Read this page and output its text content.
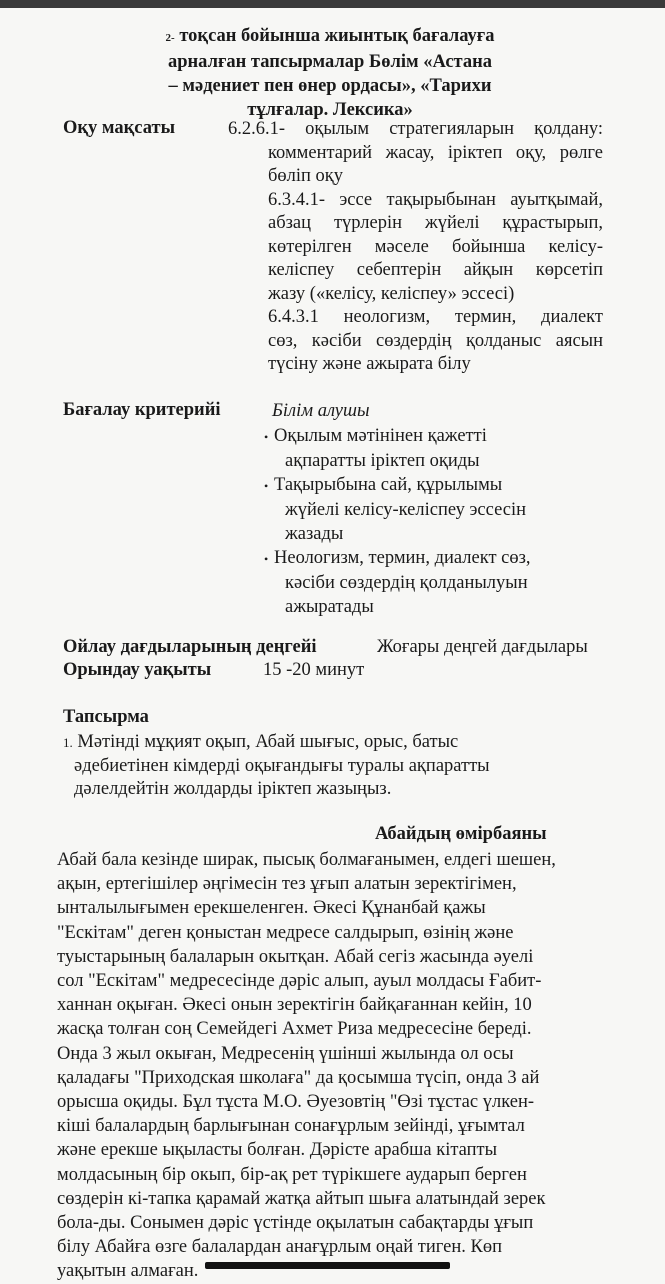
2- тоқсан бойынша жиынтық бағалауға
арналған тапсырмалар Бөлім «Астана
– мәдениет пен өнер ордасы», «Тарихи
тұлғалар. Лексика»
Оқу мақсаты	6.2.6.1- оқылым стратегияларын қолдану:
комментарий жасау, іріктеп оқу, рөлге
бөліп оқу
6.3.4.1- эссе тақырыбынан ауытқымай,
абзац түрлерін жүйелі құрастырып,
көтерілген мәселе бойынша келісу-
келіспеу себептерін айқын көрсетіп
жазу («келісу, келіспеу» эссесі)
6.4.3.1 неологизм, термин, диалект
сөз, кәсіби сөздердің қолданыс аясын
түсіну және ажырата білу
Бағалау критерийі	Білім алушы
• Оқылым мәтінінен қажетті
ақпаратты іріктеп оқиды
• Тақырыбына сай, құрылымы
жүйелі келісу-келіспеу эссесін
жазады
• Неологизм, термин, диалект сөз,
кәсіби сөздердің қолданылуын
ажыратады
Ойлау дағдыларының деңгейі	Жоғары деңгей дағдылары
Орындау уақыты	15 -20 минут
Тапсырма
1. Мәтінді мұқият оқып, Абай шығыс, орыс, батыс
әдебиетінен кімдерді оқығандығы туралы ақпаратты
дәлелдейтін жолдарды іріктеп жазыңыз.
Абайдың өмірбаяны
Абай бала кезінде ширак, пысық болмағанымен, елдегі шешен,
ақын, ертегішілер әңгімесін тез ұғып алатын зеректігімен,
ынталылығымен ерекшеленген. Әкесі Құнанбай қажы
"Ескітам" деген қоныстан медресе салдырып, өзінің және
туыстарының балаларын окытқан. Абай сегіз жасында әуелі
сол "Ескітам" медресесінде дәріс алып, ауыл молдасы Ғабит-
ханнан оқыған. Әкесі онын зеректігін байқағаннан кейін, 10
жасқа толған соң Семейдегі Ахмет Риза медресесіне береді.
Онда 3 жыл окыған, Медресенің үшінші жылында ол осы
қаладағы "Приходская школаға" да қосымша түсіп, онда 3 ай
орысша оқиды. Бұл тұста М.О. Әуезовтің "Өзі тұстас үлкен-
кіші балалардың барлығынан сонағұрлым зейінді, ұғымтал
және ерекше ықыласты болған. Дәрісте арабша кітапты
молдасының бір окып, бір-ақ рет түрікшеге аударып берген
сөздерін кі-тапка қарамай жатқа айтып шыға алатындай зерек
бола-ды. Сонымен дәріс үстінде оқылатын сабақтарды ұғып
білу Абайға өзге балалардан анағұрлым оңай тиген. Көп
уақытын алмаған.
